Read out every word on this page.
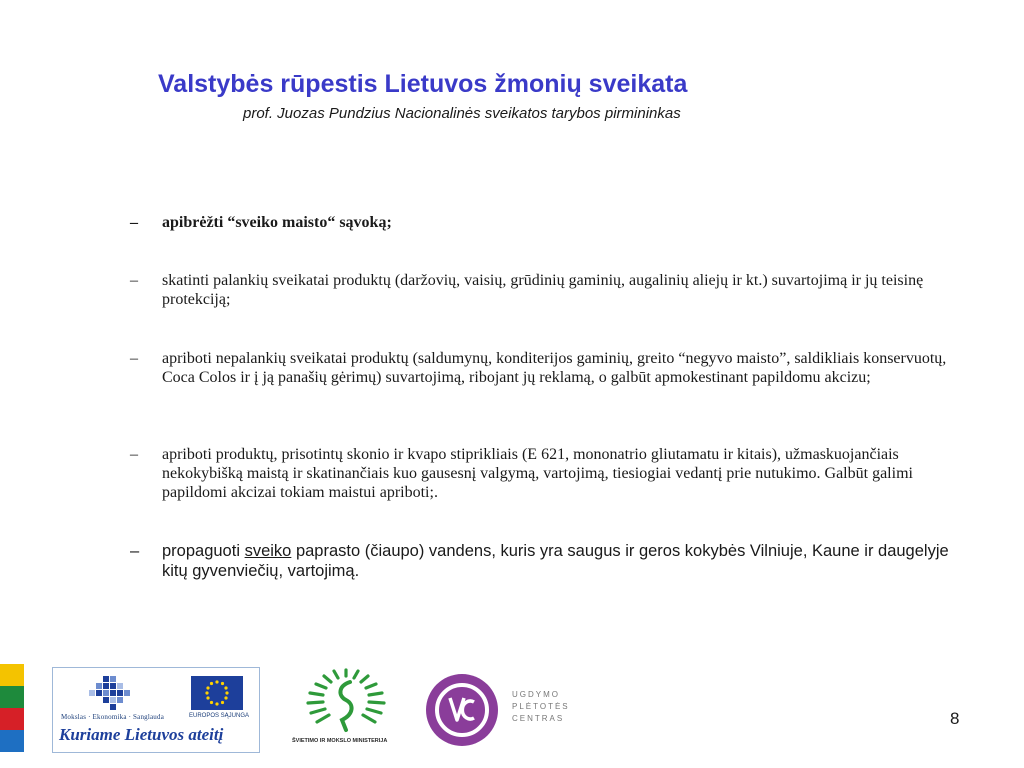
Valstybės rūpestis Lietuvos žmonių sveikata
prof. Juozas Pundzius Nacionalinės sveikatos tarybos pirmininkas
– apibrėžti “sveiko maisto“ sąvoką;
– skatinti palankių sveikatai produktų (daržovių, vaisių, grūdinių gaminių, augalinių aliejų ir kt.) suvartojimą ir jų teisinę protekciją;
– apriboti nepalankių sveikatai produktų (saldumynų, konditerijos gaminių, greito “negyvo maisto”, saldikliais konservuotų, Coca Colos ir į ją panašių gėrimų) suvartojimą, ribojant jų reklamą, o galbūt apmokestinant papildomu akcizu;
– apriboti produktų, prisotintų skonio ir kvapo stiprikliais (E 621, mononatrio gliutamatu ir kitais), užmaskuojančiais nekokybišką maistą ir skatinančiais kuo gausesnį valgymą, vartojimą, tiesiogiai vedantį prie nutukimo. Galbūt galimi papildomi akcizai tokiam maistui apriboti;.
– propaguoti sveiko paprasto (čiaupo) vandens, kuris yra saugus ir geros kokybės Vilniuje, Kaune ir daugelyje kitų gyvenviečių, vartojimą.
Mokslas · Ekonomika · Sanglauda	EUROPOS SĄJUNGA
Kuriame Lietuvos ateitį	ŠVIETIMO IR MOKSLO MINISTERIJA
UGDYMO
PLĖTOTĖS
CENTRAS	8
